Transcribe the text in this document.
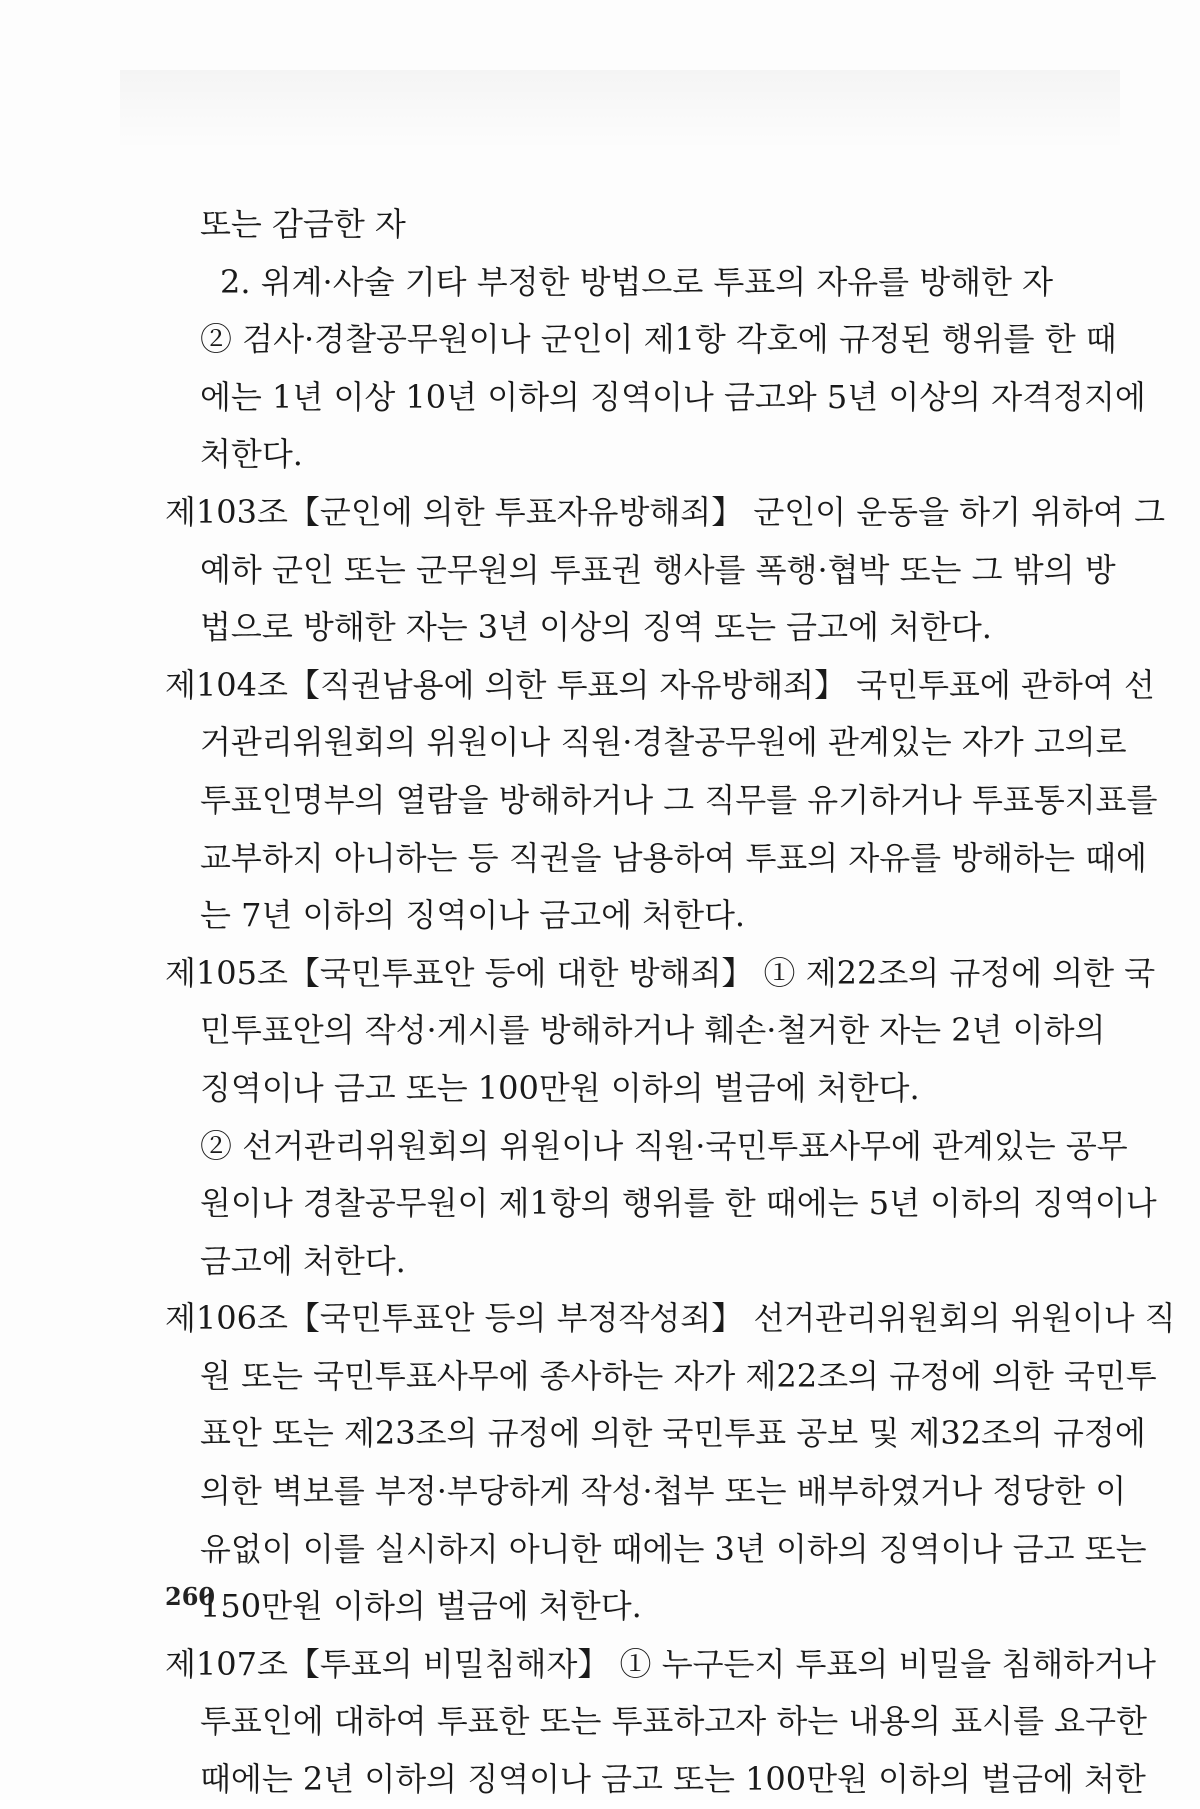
또는 감금한 자
2. 위계·사술 기타 부정한 방법으로 투표의 자유를 방해한 자
② 검사·경찰공무원이나 군인이 제1항 각호에 규정된 행위를 한 때
에는 1년 이상 10년 이하의 징역이나 금고와 5년 이상의 자격정지에
처한다.
제103조【군인에 의한 투표자유방해죄】 군인이 운동을 하기 위하여 그
예하 군인 또는 군무원의 투표권 행사를 폭행·협박 또는 그 밖의 방
법으로 방해한 자는 3년 이상의 징역 또는 금고에 처한다.
제104조【직권남용에 의한 투표의 자유방해죄】 국민투표에 관하여 선
거관리위원회의 위원이나 직원·경찰공무원에 관계있는 자가 고의로
투표인명부의 열람을 방해하거나 그 직무를 유기하거나 투표통지표를
교부하지 아니하는 등 직권을 남용하여 투표의 자유를 방해하는 때에
는 7년 이하의 징역이나 금고에 처한다.
제105조【국민투표안 등에 대한 방해죄】 ① 제22조의 규정에 의한 국
민투표안의 작성·게시를 방해하거나 훼손·철거한 자는 2년 이하의
징역이나 금고 또는 100만원 이하의 벌금에 처한다.
② 선거관리위원회의 위원이나 직원·국민투표사무에 관계있는 공무
원이나 경찰공무원이 제1항의 행위를 한 때에는 5년 이하의 징역이나
금고에 처한다.
제106조【국민투표안 등의 부정작성죄】 선거관리위원회의 위원이나 직
원 또는 국민투표사무에 종사하는 자가 제22조의 규정에 의한 국민투
표안 또는 제23조의 규정에 의한 국민투표 공보 및 제32조의 규정에
의한 벽보를 부정·부당하게 작성·첩부 또는 배부하였거나 정당한 이
유없이 이를 실시하지 아니한 때에는 3년 이하의 징역이나 금고 또는
150만원 이하의 벌금에 처한다.
제107조【투표의 비밀침해자】 ① 누구든지 투표의 비밀을 침해하거나
투표인에 대하여 투표한 또는 투표하고자 하는 내용의 표시를 요구한
때에는 2년 이하의 징역이나 금고 또는 100만원 이하의 벌금에 처한
260
